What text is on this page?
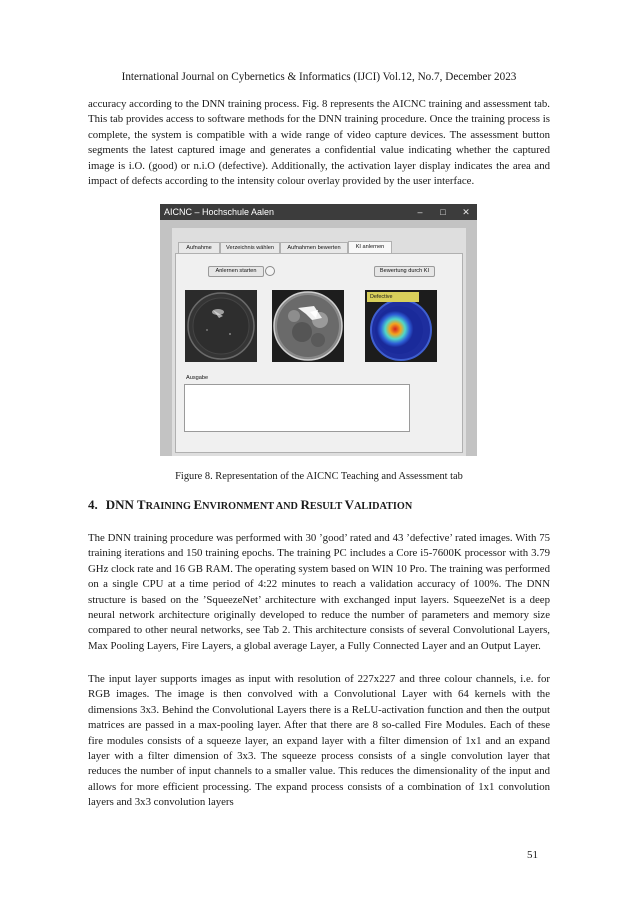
International Journal on Cybernetics & Informatics (IJCI) Vol.12, No.7, December 2023

accuracy according to the DNN training process. Fig. 8 represents the AICNC training and assessment tab. This tab provides access to software methods for the DNN training procedure. Once the training process is complete, the system is compatible with a wide range of video capture devices. The assessment button segments the latest captured image and generates a confidential value indicating whether the captured image is i.O. (good) or n.i.O (defective). Additionally, the activation layer display indicates the area and impact of defects according to the intensity colour overlay provided by the user interface.

AICNC – Hochschule Aalen	–	□	✕
Aufnahme	Verzeichnis wählen	Aufnahmen bewerten	KI anlernen
Anlernen starten	Bewertung durch KI
Defective
Ausgabe
Figure 8. Representation of the AICNC Teaching and Assessment tab
4. DNN TRAINING ENVIRONMENT AND RESULT VALIDATION

The DNN training procedure was performed with 30 ’good’ rated and 43 ’defective’ rated images. With 75 training iterations and 150 training epochs. The training PC includes a Core i5-7600K processor with 3.79 GHz clock rate and 16 GB RAM. The operating system based on WIN 10 Pro. The training was performed on a single CPU at a time period of 4:22 minutes to reach a validation accuracy of 100%. The DNN structure is based on the ’SqueezeNet’ architecture with exchanged input layers. SqueezeNet is a deep neural network architecture originally developed to reduce the number of parameters and memory size compared to other neural networks, see Tab 2. This architecture consists of several Convolutional Layers, Max Pooling Layers, Fire Layers, a global average Layer, a Fully Connected Layer and an Output Layer.

The input layer supports images as input with resolution of 227x227 and three colour channels, i.e. for RGB images. The image is then convolved with a Convolutional Layer with 64 kernels with the dimensions 3x3. Behind the Convolutional Layers there is a ReLU-activation function and then the output matrices are passed in a max-pooling layer. After that there are 8 so-called Fire Modules. Each of these fire modules consists of a squeeze layer, an expand layer with a filter dimension of 1x1 and an expand layer with a filter dimension of 3x3. The squeeze process consists of a single convolution layer that reduces the number of input channels to a smaller value. This reduces the dimensionality of the input and allows for more efficient processing. The expand process consists of a combination of 1x1 convolution layers and 3x3 convolution layers

51
